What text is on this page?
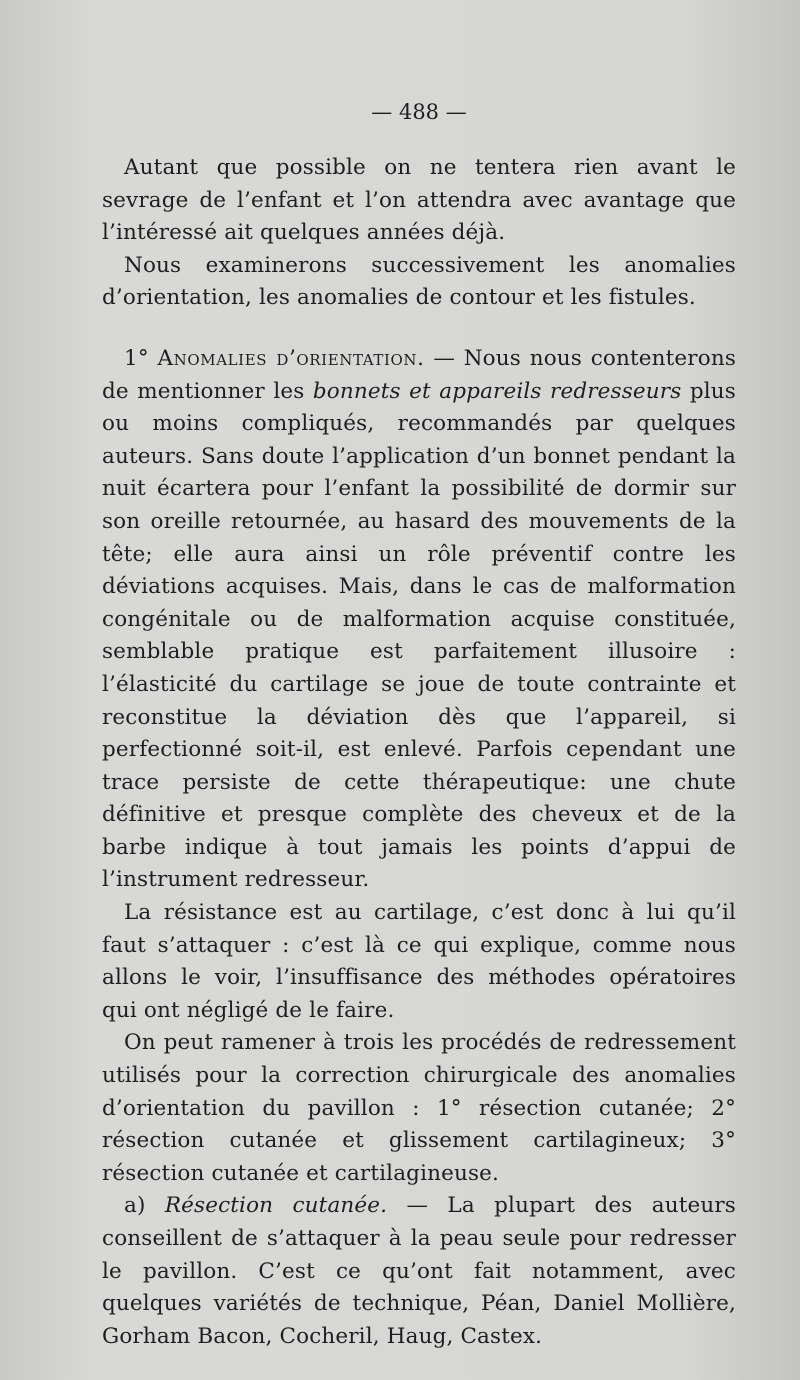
— 488 —

Autant que possible on ne tentera rien avant le sevrage de l’enfant et l’on attendra avec avantage que l’intéressé ait quelques années déjà.

Nous examinerons successivement les anomalies d’orientation, les anomalies de contour et les fistules.

1° Anomalies d’orientation. — Nous nous contenterons de mentionner les bonnets et appareils redresseurs plus ou moins compliqués, recommandés par quelques auteurs. Sans doute l’application d’un bonnet pendant la nuit écartera pour l’enfant la possibilité de dormir sur son oreille retournée, au hasard des mouvements de la tête; elle aura ainsi un rôle préventif contre les déviations acquises. Mais, dans le cas de malformation congénitale ou de malformation acquise constituée, semblable pratique est parfaitement illusoire : l’élasticité du cartilage se joue de toute contrainte et reconstitue la déviation dès que l’appareil, si perfectionné soit-il, est enlevé. Parfois cependant une trace persiste de cette thérapeutique: une chute définitive et presque complète des cheveux et de la barbe indique à tout jamais les points d’appui de l’instrument redresseur.

La résistance est au cartilage, c’est donc à lui qu’il faut s’attaquer : c’est là ce qui explique, comme nous allons le voir, l’insuffisance des méthodes opératoires qui ont négligé de le faire.

On peut ramener à trois les procédés de redressement utilisés pour la correction chirurgicale des anomalies d’orientation du pavillon : 1° résection cutanée; 2° résection cutanée et glissement cartilagineux; 3° résection cutanée et cartilagineuse.

a) Résection cutanée. — La plupart des auteurs conseillent de s’attaquer à la peau seule pour redresser le pavillon. C’est ce qu’ont fait notamment, avec quelques variétés de technique, Péan, Daniel Mollière, Gorham Bacon, Cocheril, Haug, Castex.
